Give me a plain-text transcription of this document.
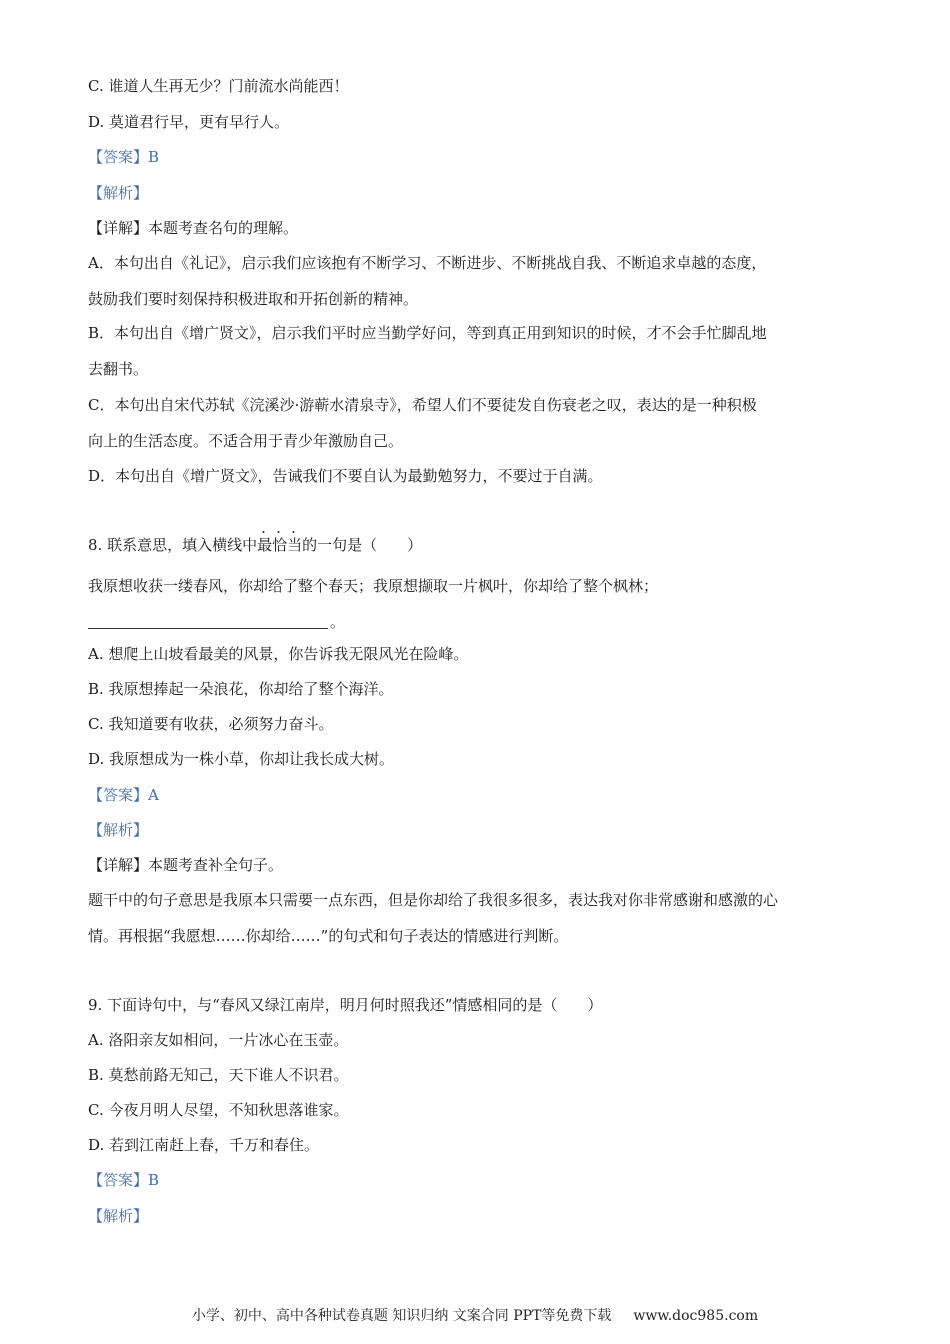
C. 谁道人生再无少？门前流水尚能西！
D. 莫道君行早，更有早行人。
【答案】B
【解析】
【详解】本题考查名句的理解。
A．本句出自《礼记》，启示我们应该抱有不断学习、不断进步、不断挑战自我、不断追求卓越的态度，
鼓励我们要时刻保持积极进取和开拓创新的精神。
B．本句出自《增广贤文》，启示我们平时应当勤学好问，等到真正用到知识的时候，才不会手忙脚乱地
去翻书。
C．本句出自宋代苏轼《浣溪沙·游蕲水清泉寺》，希望人们不要徒发自伤衰老之叹，表达的是一种积极
向上的生活态度。不适合用于青少年激励自己。
D．本句出自《增广贤文》，告诫我们不要自认为最勤勉努力，不要过于自满。
8. 联系意思，填入横线中最恰当的一句是（　　）
我原想收获一缕春风，你却给了整个春天；我原想撷取一片枫叶，你却给了整个枫林；
。
A. 想爬上山坡看最美的风景，你告诉我无限风光在险峰。
B. 我原想捧起一朵浪花，你却给了整个海洋。
C. 我知道要有收获，必须努力奋斗。
D. 我原想成为一株小草，你却让我长成大树。
【答案】A
【解析】
【详解】本题考查补全句子。
题干中的句子意思是我原本只需要一点东西，但是你却给了我很多很多，表达我对你非常感谢和感激的心
情。再根据“我愿想……你却给……”的句式和句子表达的情感进行判断。
9. 下面诗句中，与“春风又绿江南岸，明月何时照我还”情感相同的是（　　）
A. 洛阳亲友如相问，一片冰心在玉壶。
B. 莫愁前路无知己，天下谁人不识君。
C. 今夜月明人尽望，不知秋思落谁家。
D. 若到江南赶上春，千万和春住。
【答案】B
【解析】
小学、初中、高中各种试卷真题 知识归纳 文案合同 PPT等免费下载 www.doc985.com
